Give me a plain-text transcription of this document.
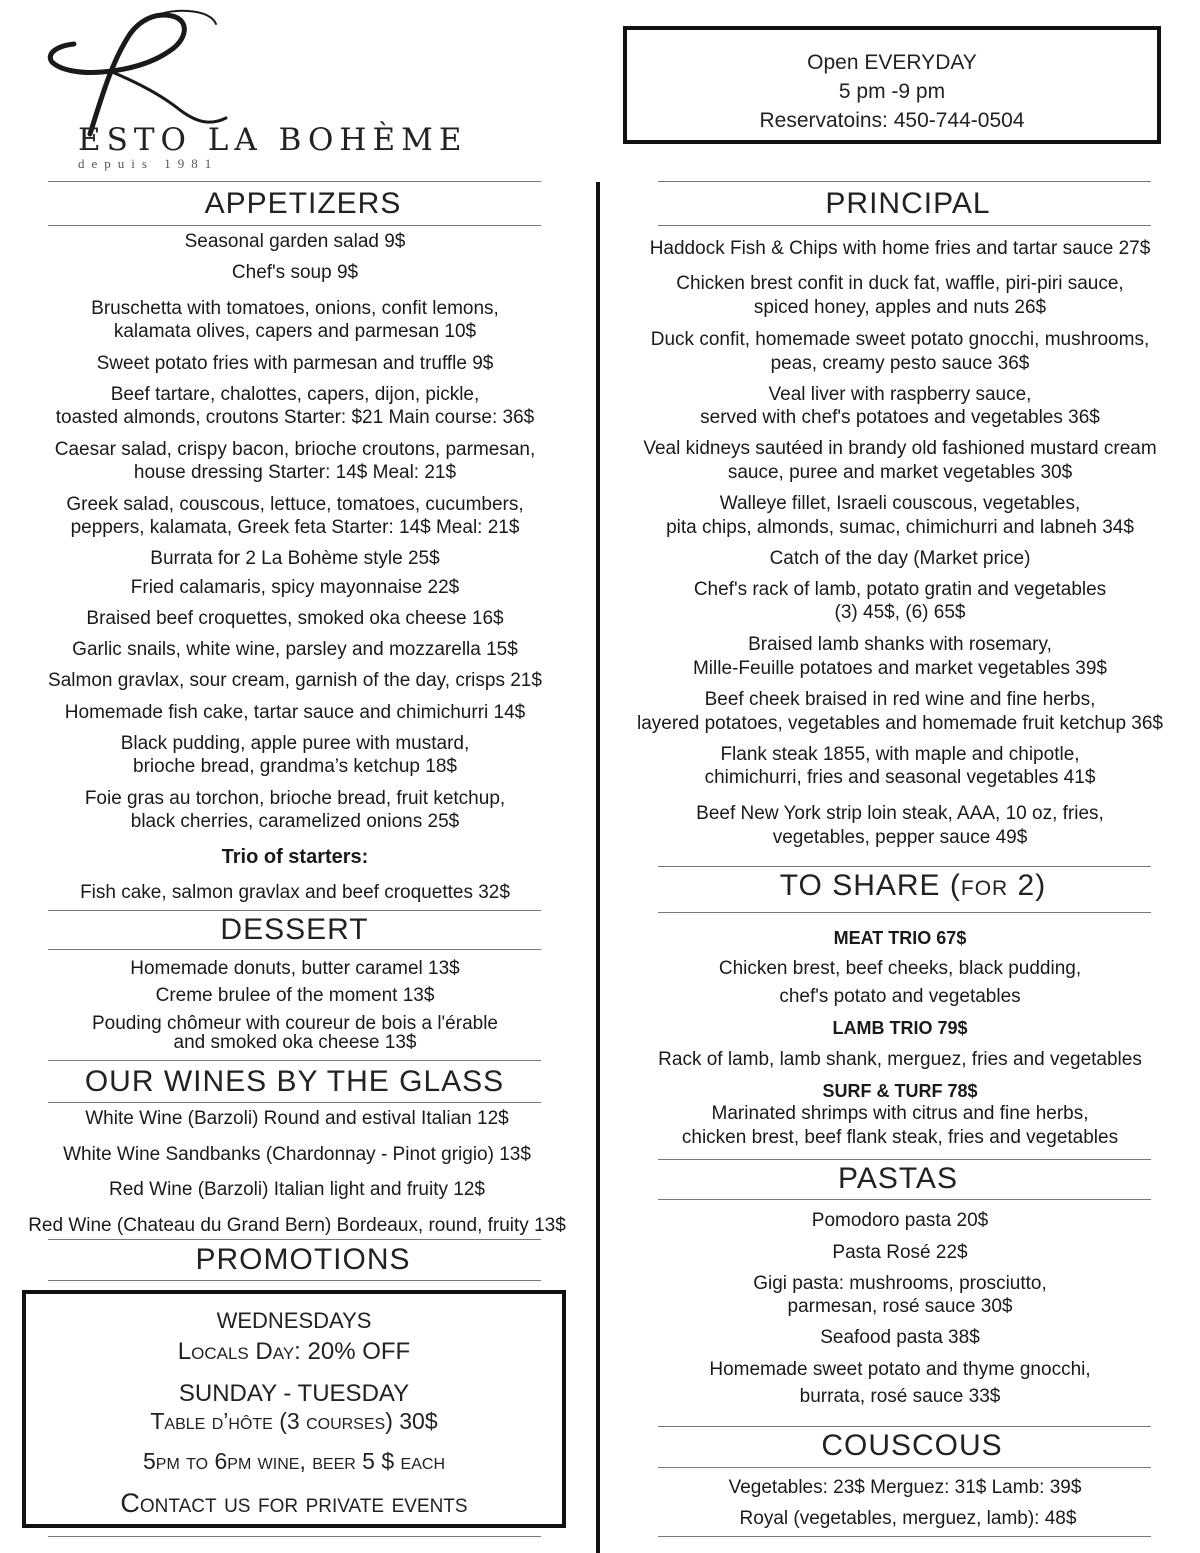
ESTO LA BOHÈME
depuis 1981
Open EVERYDAY
5 pm -9 pm
Reservatoins: 450-744-0504
APPETIZERS
Seasonal garden salad 9$
Chef's soup 9$
Bruschetta with tomatoes, onions, confit lemons,
kalamata olives, capers and parmesan 10$
Sweet potato fries with parmesan and truffle 9$
Beef tartare, chalottes, capers, dijon, pickle,
toasted almonds, croutons Starter: $21 Main course: 36$
Caesar salad, crispy bacon, brioche croutons, parmesan,
house dressing Starter: 14$ Meal: 21$
Greek salad, couscous, lettuce, tomatoes, cucumbers,
peppers, kalamata, Greek feta Starter: 14$ Meal: 21$
Burrata for 2 La Bohème style 25$
Fried calamaris, spicy mayonnaise 22$
Braised beef croquettes, smoked oka cheese 16$
Garlic snails, white wine, parsley and mozzarella 15$
Salmon gravlax, sour cream, garnish of the day, crisps 21$
Homemade fish cake, tartar sauce and chimichurri 14$
Black pudding, apple puree with mustard,
brioche bread, grandma’s ketchup 18$
Foie gras au torchon, brioche bread, fruit ketchup,
black cherries, caramelized onions 25$
Trio of starters:
Fish cake, salmon gravlax and beef croquettes 32$
DESSERT
Homemade donuts, butter caramel 13$
Creme brulee of the moment 13$
Pouding chômeur with coureur de bois a l'érable
and smoked oka cheese 13$
OUR WINES BY THE GLASS
White Wine (Barzoli) Round and estival Italian 12$
White Wine Sandbanks (Chardonnay - Pinot grigio) 13$
Red Wine (Barzoli) Italian light and fruity 12$
Red Wine (Chateau du Grand Bern) Bordeaux, round, fruity 13$
PROMOTIONS
WEDNESDAYS
Locals Day: 20% OFF
SUNDAY - TUESDAY
Table d’hôte (3 courses) 30$
5pm to 6pm wine, beer 5 $ each
Contact us for private events
PRINCIPAL
Haddock Fish & Chips with home fries and tartar sauce 27$
Chicken brest confit in duck fat, waffle, piri-piri sauce,
spiced honey, apples and nuts 26$
Duck confit, homemade sweet potato gnocchi, mushrooms,
peas, creamy pesto sauce 36$
Veal liver with raspberry sauce,
served with chef's potatoes and vegetables 36$
Veal kidneys sautéed in brandy old fashioned mustard cream
sauce, puree and market vegetables 30$
Walleye fillet, Israeli couscous, vegetables,
pita chips, almonds, sumac, chimichurri and labneh 34$
Catch of the day (Market price)
Chef's rack of lamb, potato gratin and vegetables
(3) 45$, (6) 65$
Braised lamb shanks with rosemary,
Mille-Feuille potatoes and market vegetables 39$
Beef cheek braised in red wine and fine herbs,
layered potatoes, vegetables and homemade fruit ketchup 36$
Flank steak 1855, with maple and chipotle,
chimichurri, fries and seasonal vegetables 41$
Beef New York strip loin steak, AAA, 10 oz, fries,
vegetables, pepper sauce 49$
TO SHARE (for 2)
MEAT TRIO 67$
Chicken brest, beef cheeks, black pudding,
chef's potato and vegetables
LAMB TRIO 79$
Rack of lamb, lamb shank, merguez, fries and vegetables
SURF & TURF 78$
Marinated shrimps with citrus and fine herbs,
chicken brest, beef flank steak, fries and vegetables
PASTAS
Pomodoro pasta 20$
Pasta Rosé 22$
Gigi pasta: mushrooms, prosciutto,
parmesan, rosé sauce 30$
Seafood pasta 38$
Homemade sweet potato and thyme gnocchi,
burrata, rosé sauce 33$
COUSCOUS
Vegetables: 23$ Merguez: 31$ Lamb: 39$
Royal (vegetables, merguez, lamb): 48$
